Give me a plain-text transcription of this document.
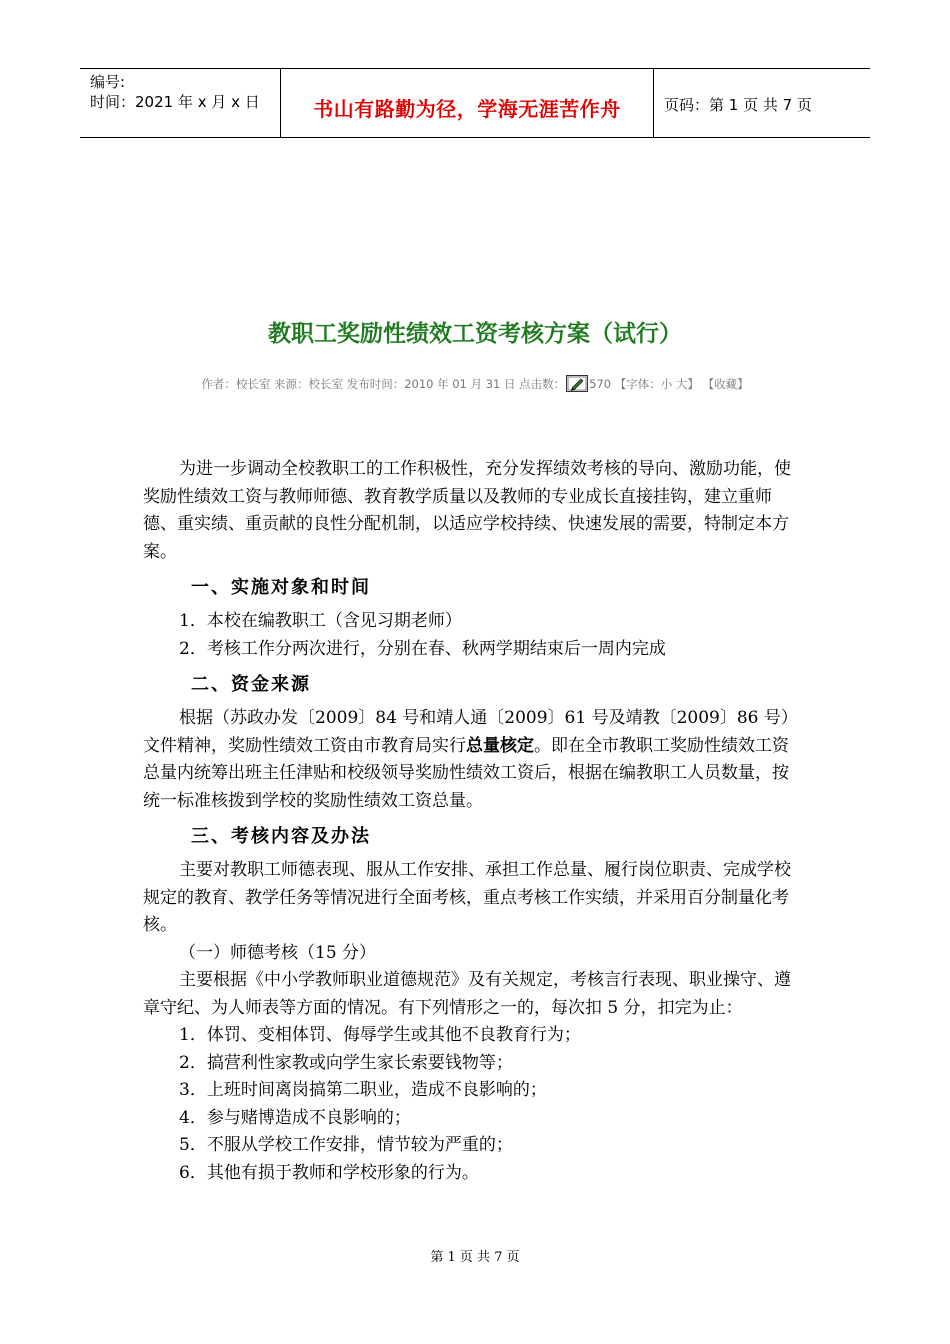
编号:
时间：2021 年 x 月 x 日	书山有路勤为径，学海无涯苦作舟	页码：第 1 页 共 7 页
教职工奖励性绩效工资考核方案（试行）
作者：校长室 来源：校长室 发布时间：2010 年 01 月 31 日 点击数： 570 【字体：小 大】 【收藏】

为进一步调动全校教职工的工作积极性，充分发挥绩效考核的导向、激励功能，使奖励性绩效工资与教师师德、教育教学质量以及教师的专业成长直接挂钩，建立重师德、重实绩、重贡献的良性分配机制，以适应学校持续、快速发展的需要，特制定本方案。

一、实施对象和时间

1．本校在编教职工（含见习期老师）

2．考核工作分两次进行，分别在春、秋两学期结束后一周内完成

二、资金来源

根据（苏政办发〔2009〕84 号和靖人通〔2009〕61 号及靖教〔2009〕86 号）文件精神，奖励性绩效工资由市教育局实行总量核定。即在全市教职工奖励性绩效工资总量内统筹出班主任津贴和校级领导奖励性绩效工资后，根据在编教职工人员数量，按统一标准核拨到学校的奖励性绩效工资总量。

三、考核内容及办法

主要对教职工师德表现、服从工作安排、承担工作总量、履行岗位职责、完成学校规定的教育、教学任务等情况进行全面考核，重点考核工作实绩，并采用百分制量化考核。

（一）师德考核（15 分）

主要根据《中小学教师职业道德规范》及有关规定，考核言行表现、职业操守、遵章守纪、为人师表等方面的情况。有下列情形之一的，每次扣 5 分，扣完为止：

1．体罚、变相体罚、侮辱学生或其他不良教育行为；

2．搞营利性家教或向学生家长索要钱物等；

3．上班时间离岗搞第二职业，造成不良影响的；

4．参与赌博造成不良影响的；

5．不服从学校工作安排，情节较为严重的；

6．其他有损于教师和学校形象的行为。

第 1 页 共 7 页
